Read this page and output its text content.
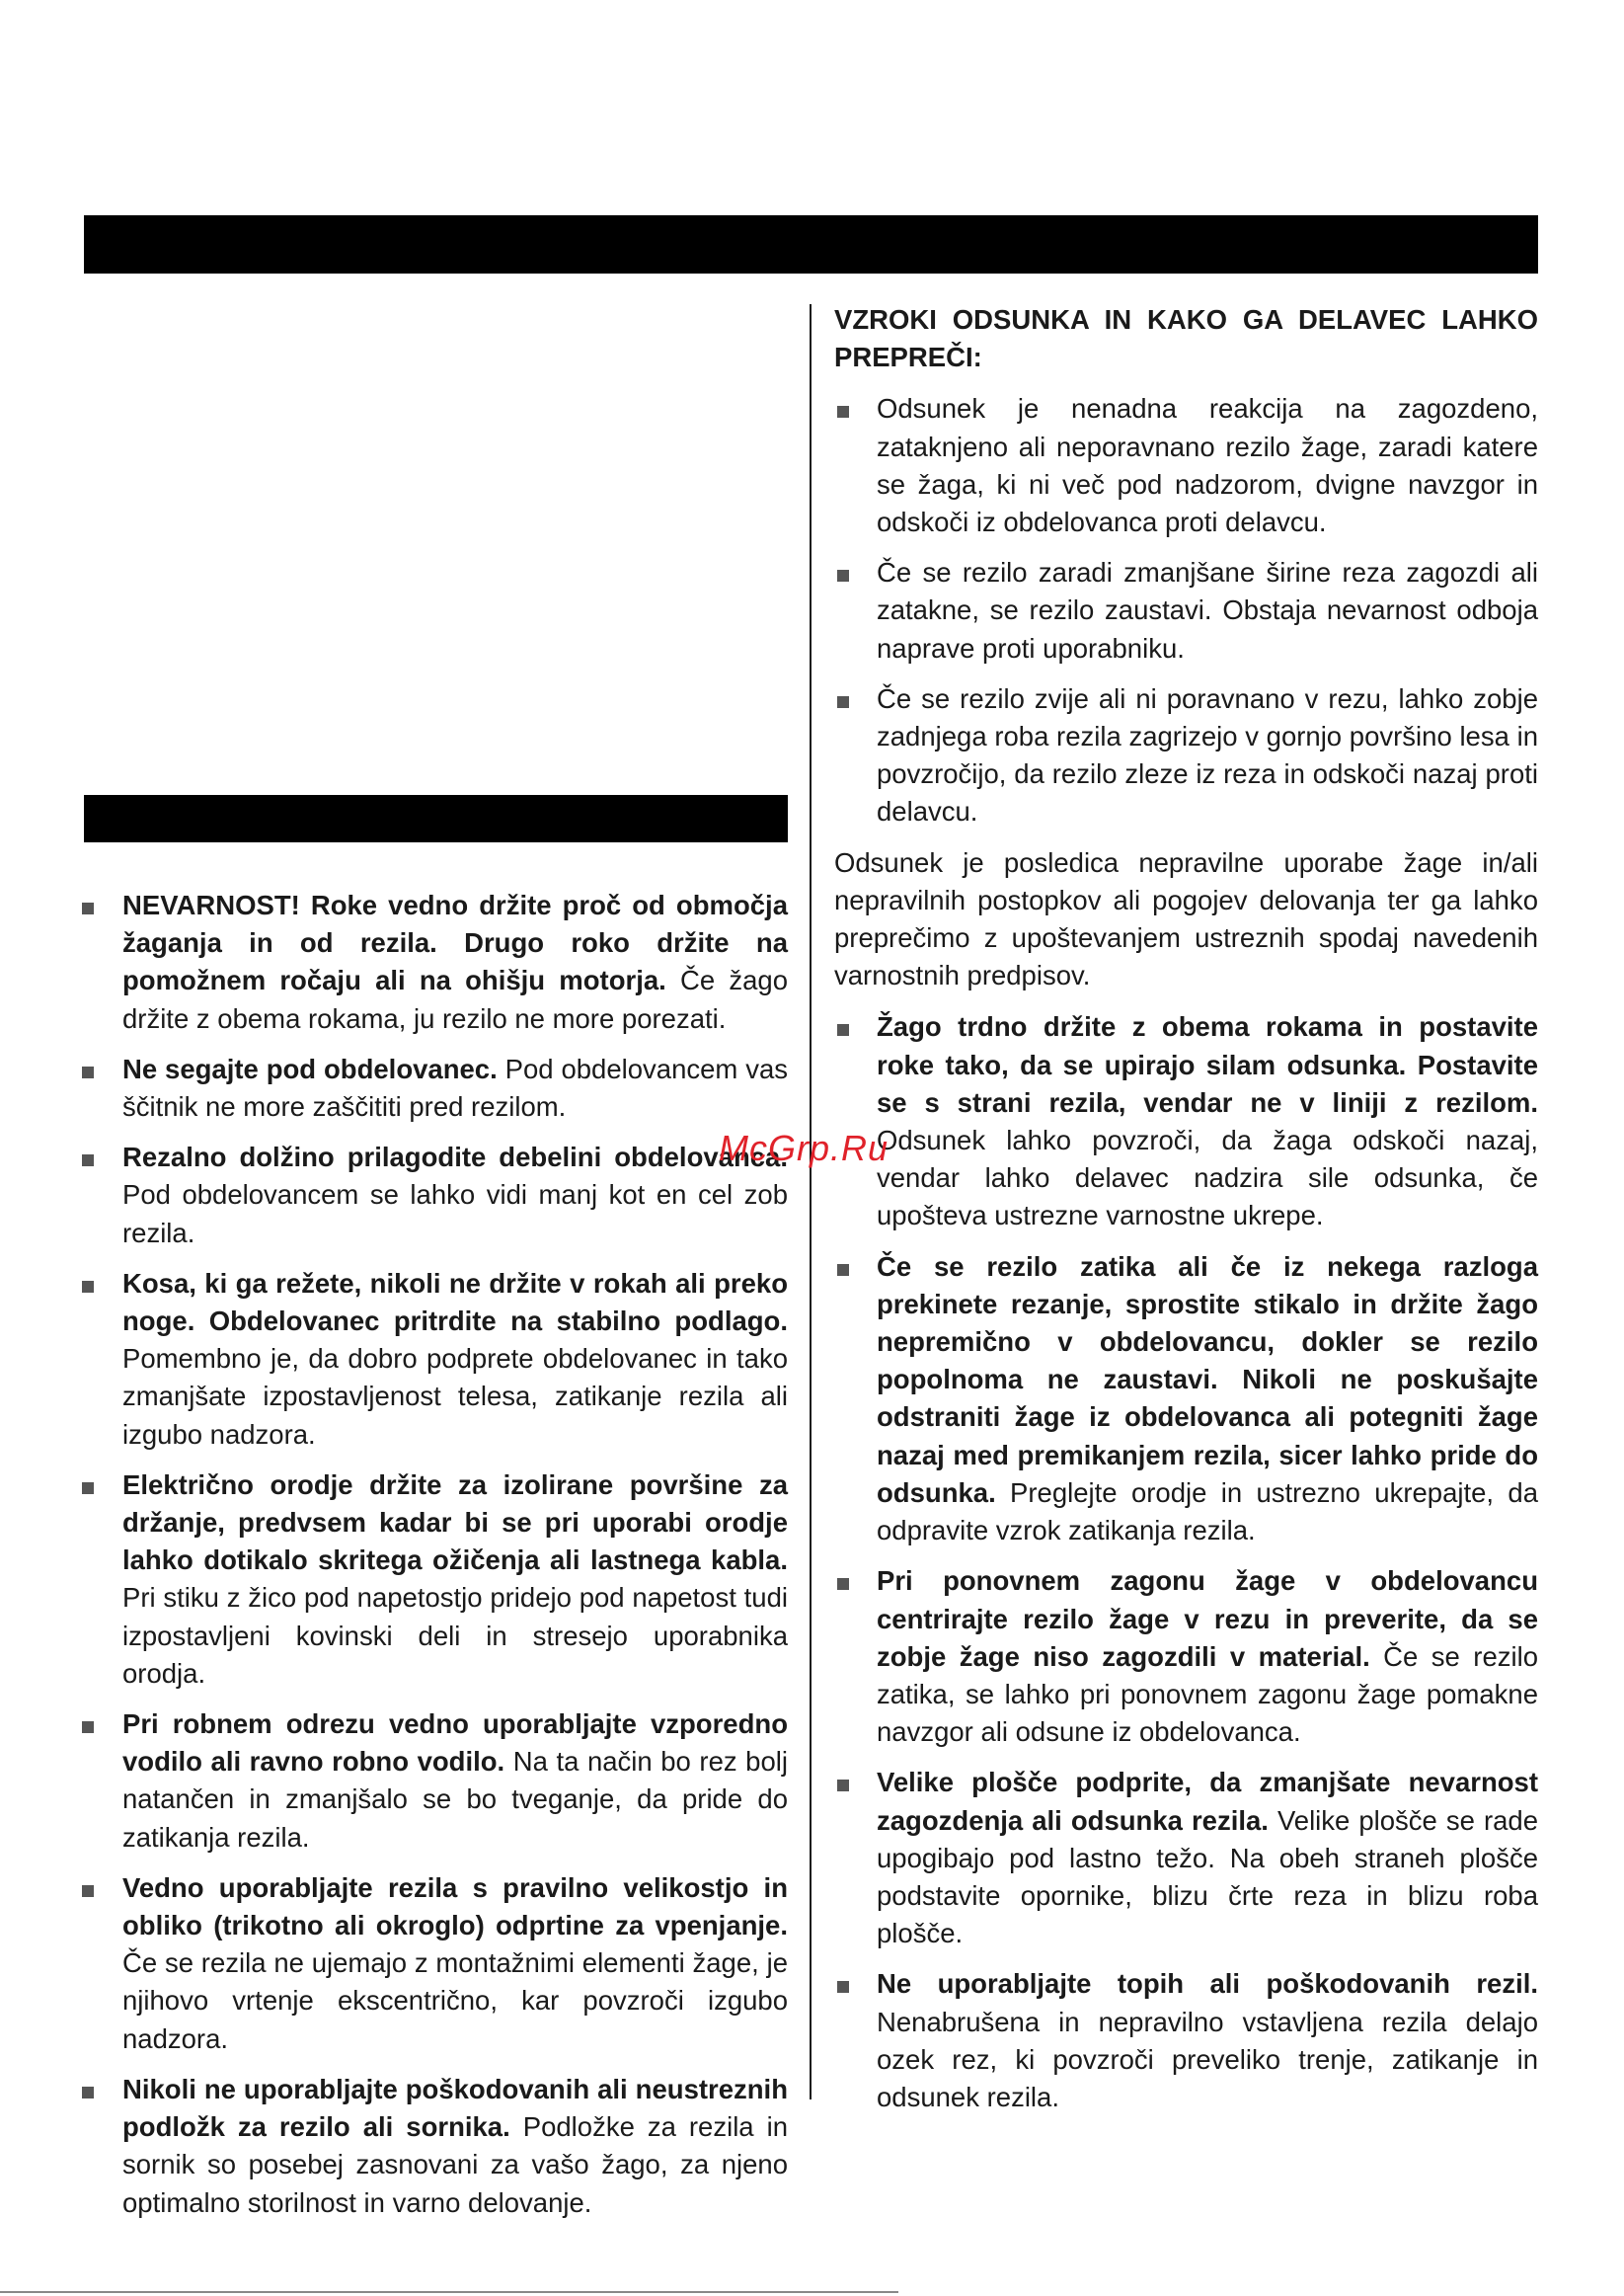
NEVARNOST! Roke vedno držite proč od območja žaganja in od rezila. Drugo roko držite na pomožnem ročaju ali na ohišju motorja. Če žago držite z obema rokama, ju rezilo ne more porezati.

Ne segajte pod obdelovanec. Pod obdelovancem vas ščitnik ne more zaščititi pred rezilom.

Rezalno dolžino prilagodite debelini obdelovanca. Pod obdelovancem se lahko vidi manj kot en cel zob rezila.

Kosa, ki ga režete, nikoli ne držite v rokah ali preko noge. Obdelovanec pritrdite na stabilno podlago. Pomembno je, da dobro podprete obdelovanec in tako zmanjšate izpostavljenost telesa, zatikanje rezila ali izgubo nadzora.

Električno orodje držite za izolirane površine za držanje, predvsem kadar bi se pri uporabi orodje lahko dotikalo skritega ožičenja ali lastnega kabla. Pri stiku z žico pod napetostjo pridejo pod napetost tudi izpostavljeni kovinski deli in stresejo uporabnika orodja.

Pri robnem odrezu vedno uporabljajte vzporedno vodilo ali ravno robno vodilo. Na ta način bo rez bolj natančen in zmanjšalo se bo tveganje, da pride do zatikanja rezila.

Vedno uporabljajte rezila s pravilno velikostjo in obliko (trikotno ali okroglo) odprtine za vpenjanje. Če se rezila ne ujemajo z montažnimi elementi žage, je njihovo vrtenje ekscentrično, kar povzroči izgubo nadzora.

Nikoli ne uporabljajte poškodovanih ali neustreznih podložk za rezilo ali sornika. Podložke za rezila in sornik so posebej zasnovani za vašo žago, za njeno optimalno storilnost in varno delovanje.

VZROKI ODSUNKA IN KAKO GA DELAVEC LAHKO PREPREČI:

Odsunek je nenadna reakcija na zagozdeno, zataknjeno ali neporavnano rezilo žage, zaradi katere se žaga, ki ni več pod nadzorom, dvigne navzgor in odskoči iz obdelovanca proti delavcu.

Če se rezilo zaradi zmanjšane širine reza zagozdi ali zatakne, se rezilo zaustavi. Obstaja nevarnost odboja naprave proti uporabniku.

Če se rezilo zvije ali ni poravnano v rezu, lahko zobje zadnjega roba rezila zagrizejo v gornjo površino lesa in povzročijo, da rezilo zleze iz reza in odskoči nazaj proti delavcu.

Odsunek je posledica nepravilne uporabe žage in/ali nepravilnih postopkov ali pogojev delovanja ter ga lahko preprečimo z upoštevanjem ustreznih spodaj navedenih varnostnih predpisov.

Žago trdno držite z obema rokama in postavite roke tako, da se upirajo silam odsunka. Postavite se s strani rezila, vendar ne v liniji z rezilom. Odsunek lahko povzroči, da žaga odskoči nazaj, vendar lahko delavec nadzira sile odsunka, če upošteva ustrezne varnostne ukrepe.

Če se rezilo zatika ali če iz nekega razloga prekinete rezanje, sprostite stikalo in držite žago nepremično v obdelovancu, dokler se rezilo popolnoma ne zaustavi. Nikoli ne poskušajte odstraniti žage iz obdelovanca ali potegniti žage nazaj med premikanjem rezila, sicer lahko pride do odsunka. Preglejte orodje in ustrezno ukrepajte, da odpravite vzrok zatikanja rezila.

Pri ponovnem zagonu žage v obdelovancu centrirajte rezilo žage v rezu in preverite, da se zobje žage niso zagozdili v material. Če se rezilo zatika, se lahko pri ponovnem zagonu žage pomakne navzgor ali odsune iz obdelovanca.

Velike plošče podprite, da zmanjšate nevarnost zagozdenja ali odsunka rezila. Velike plošče se rade upogibajo pod lastno težo. Na obeh straneh plošče podstavite opornike, blizu črte reza in blizu roba plošče.

Ne uporabljajte topih ali poškodovanih rezil. Nenabrušena in nepravilno vstavljena rezila delajo ozek rez, ki povzroči preveliko trenje, zatikanje in odsunek rezila.

McGrp.Ru
